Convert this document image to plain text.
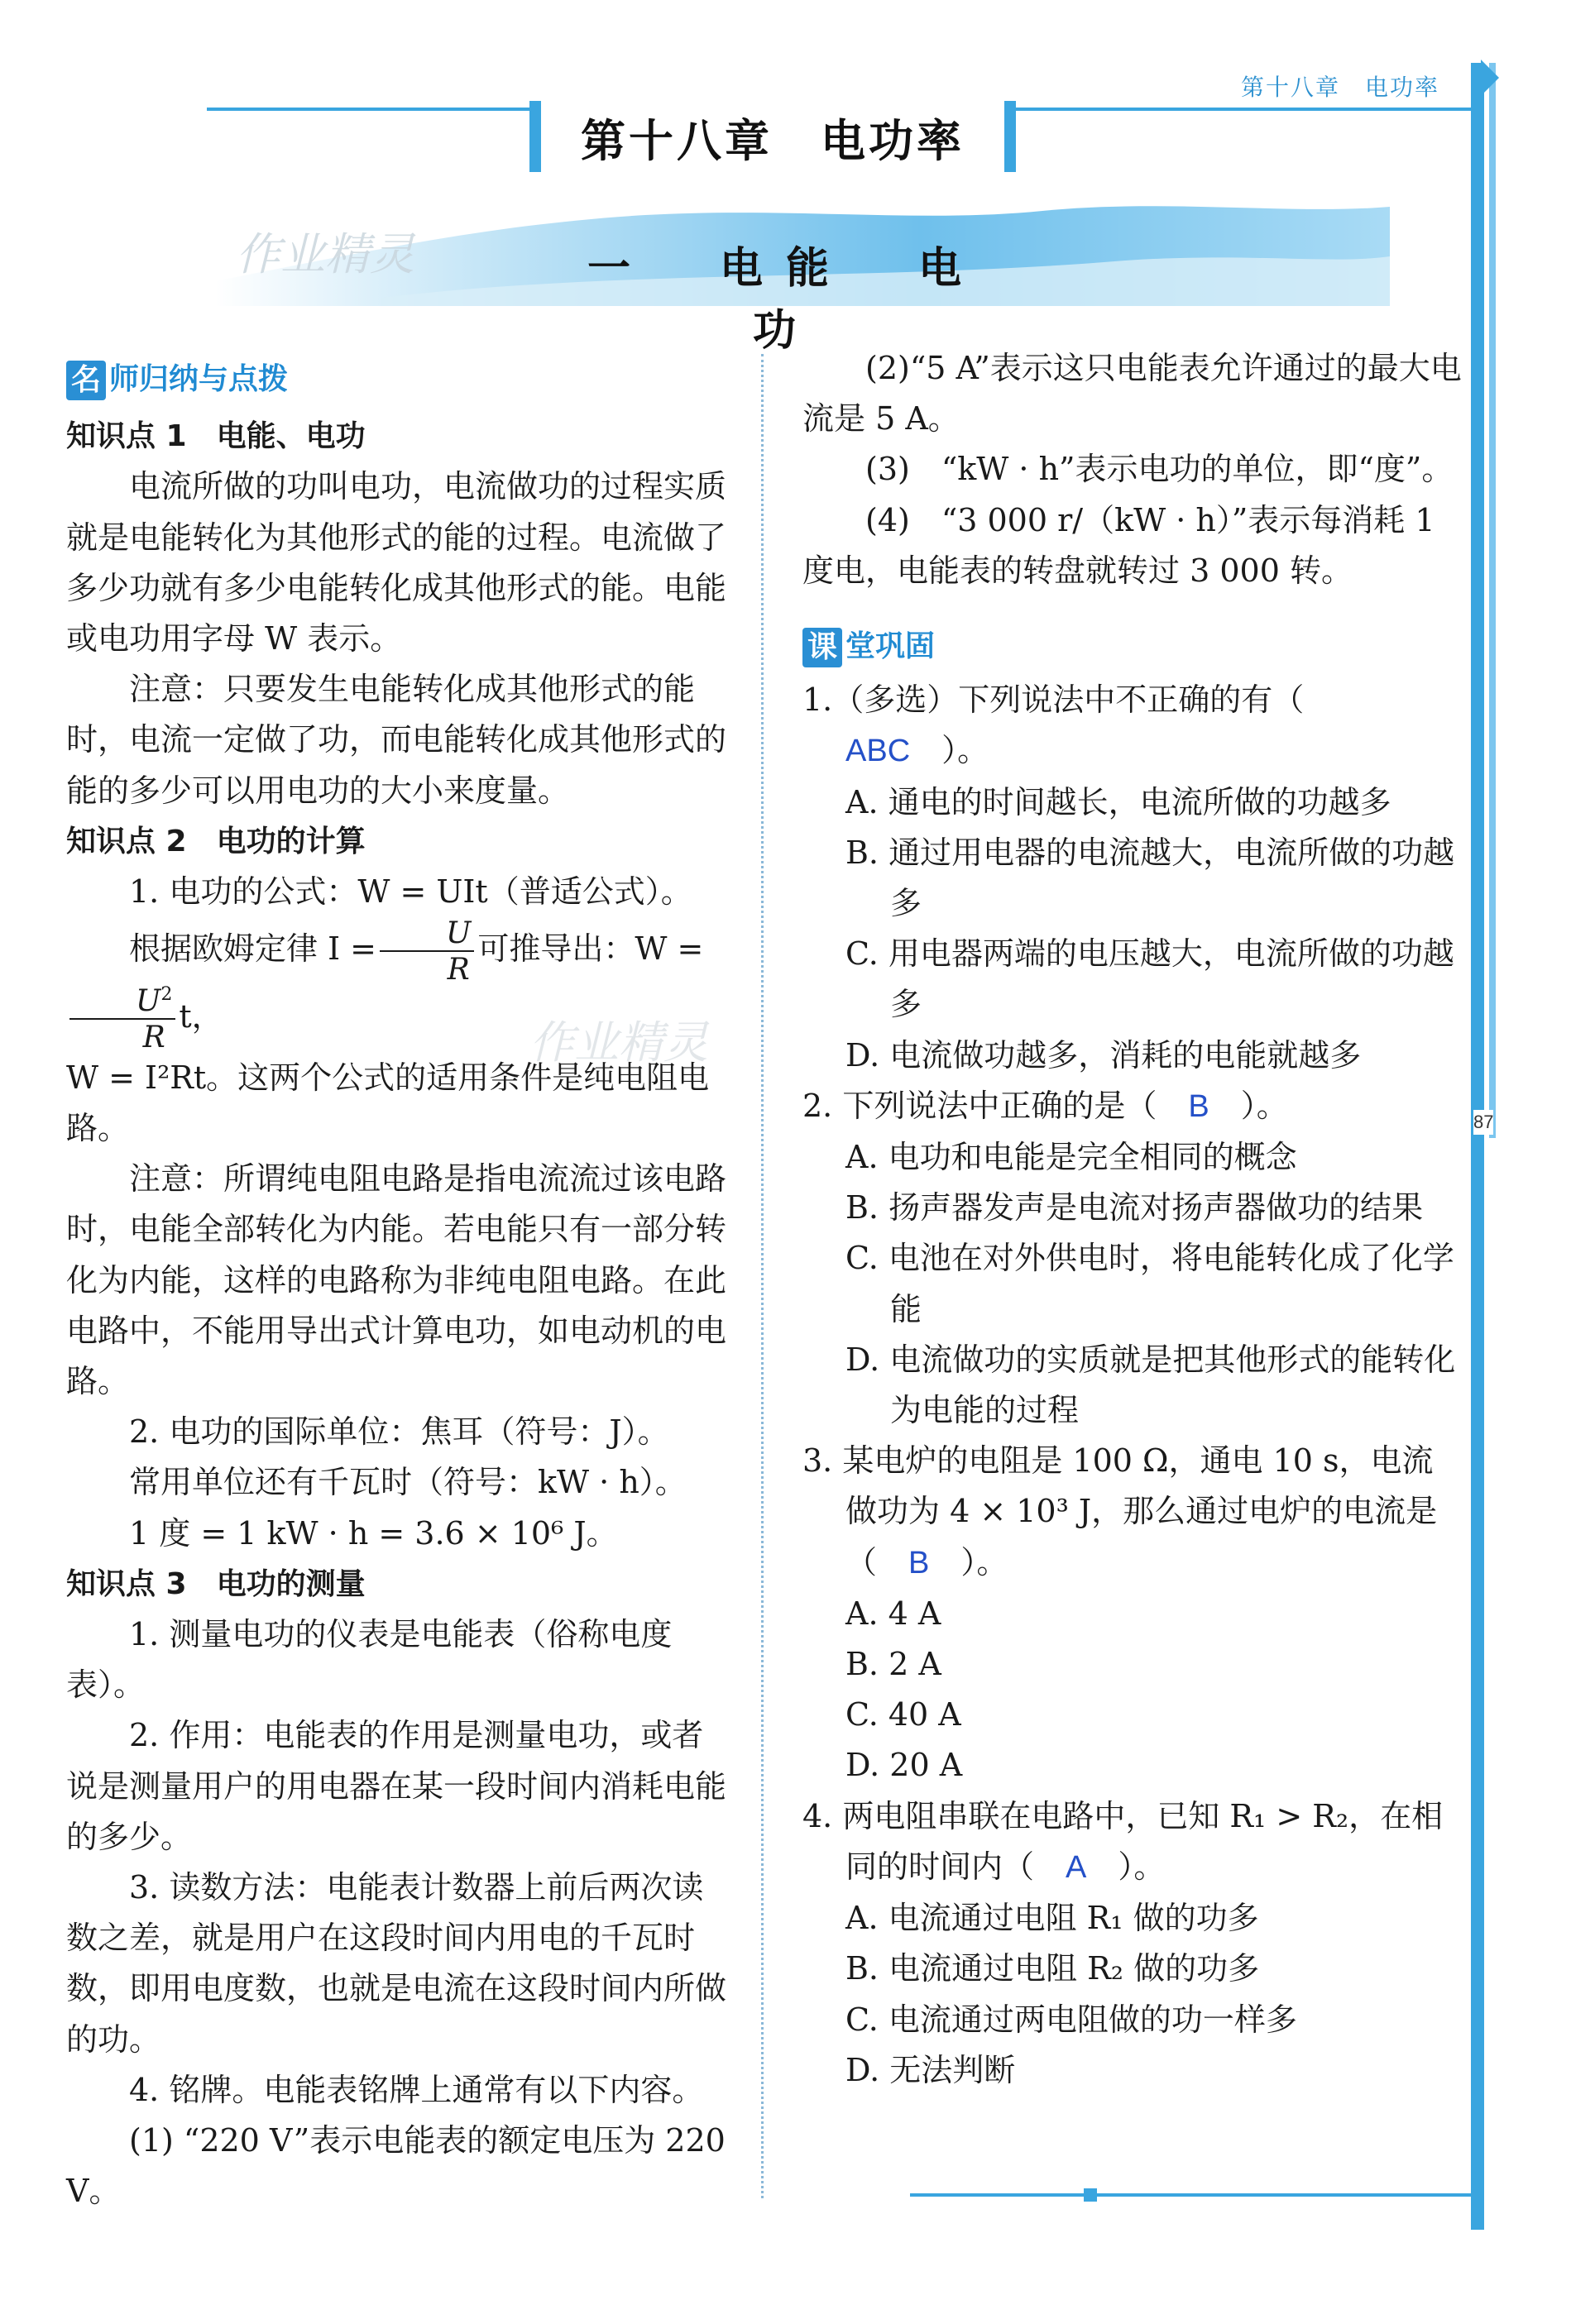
第十八章　电功率
第十八章　电功率
作业精灵	一　电能　电功
作业精灵
名 师归纳与点拨

知识点 1　电能、电功

电流所做的功叫电功，电流做功的过程实质就是电能转化为其他形式的能的过程。电流做了多少功就有多少电能转化成其他形式的能。电能或电功用字母 W 表示。

注意：只要发生电能转化成其他形式的能时，电流一定做了功，而电能转化成其他形式的能的多少可以用电功的大小来度量。

知识点 2　电功的计算

1. 电功的公式：W = UIt（普适公式）。

根据欧姆定律 $I = \frac{U}{R}$ 可推导出：W =
$\frac{U^2}{R}$ t，

W = I²Rt。这两个公式的适用条件是纯电阻电路。

注意：所谓纯电阻电路是指电流流过该电路时，电能全部转化为内能。若电能只有一部分转化为内能，这样的电路称为非纯电阻电路。在此电路中，不能用导出式计算电功，如电动机的电路。

2. 电功的国际单位：焦耳（符号：J）。

常用单位还有千瓦时（符号：kW · h）。

1 度 = 1 kW · h = 3.6 × 10⁶ J。

知识点 3　电功的测量

1. 测量电功的仪表是电能表（俗称电度表）。

2. 作用：电能表的作用是测量电功，或者说是测量用户的用电器在某一段时间内消耗电能的多少。

3. 读数方法：电能表计数器上前后两次读数之差，就是用户在这段时间内用电的千瓦时数，即用电度数，也就是电流在这段时间内所做的功。

4. 铭牌。电能表铭牌上通常有以下内容。

(1) “220 V”表示电能表的额定电压为 220 V。

(2)“5 A”表示这只电能表允许通过的最大电流是 5 A。

(3)　“kW · h”表示电功的单位，即“度”。

(4)　“3 000 r/（kW · h）”表示每消耗 1 度电，电能表的转盘就转过 3 000 转。

课 堂巩固

1.（多选）下列说法中不正确的有（　ABC　 ）。

A. 通电的时间越长，电流所做的功越多

B. 通过用电器的电流越大，电流所做的功越多

C. 用电器两端的电压越大，电流所做的功越多

D. 电流做功越多，消耗的电能就越多

2. 下列说法中正确的是（　 B　 ）。

A. 电功和电能是完全相同的概念

B. 扬声器发声是电流对扬声器做功的结果

C. 电池在对外供电时，将电能转化成了化学能

D. 电流做功的实质就是把其他形式的能转化为电能的过程

3. 某电炉的电阻是 100 Ω，通电 10 s，电流做功为 4 × 10³ J，那么通过电炉的电流是（　 B　 ）。

A. 4 A

B. 2 A

C. 40 A

D. 20 A

4. 两电阻串联在电路中，已知 R₁ > R₂，在相同的时间内（　 A　 ）。

A. 电流通过电阻 R₁ 做的功多

B. 电流通过电阻 R₂ 做的功多

C. 电流通过两电阻做的功一样多

D. 无法判断

87
